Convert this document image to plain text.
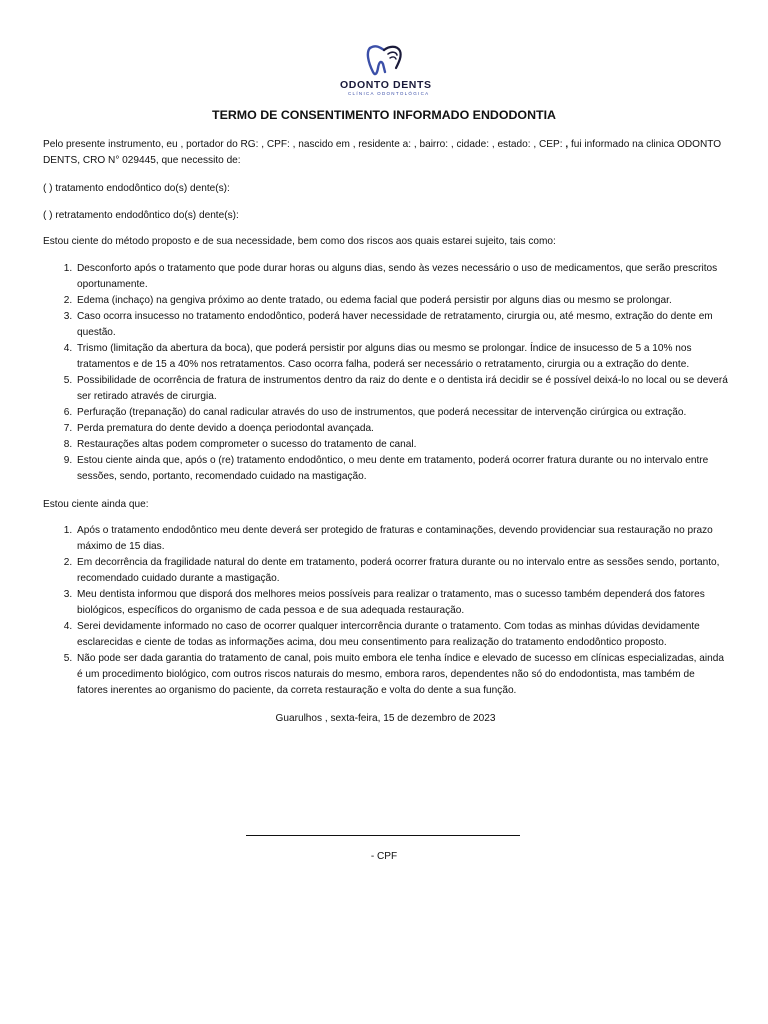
ODONTO DENTS
CLÍNICA ODONTOLÓGICA
TERMO DE CONSENTIMENTO INFORMADO ENDODONTIA

Pelo presente instrumento, eu , portador do RG: , CPF: , nascido em , residente a: , bairro: , cidade: , estado: , CEP: , fui informado na clinica ODONTO DENTS, CRO N° 029445, que necessito de:

( ) tratamento endodôntico do(s) dente(s):

( ) retratamento endodôntico do(s) dente(s):

Estou ciente do método proposto e de sua necessidade, bem como dos riscos aos quais estarei sujeito, tais como:

1. Desconforto após o tratamento que pode durar horas ou alguns dias, sendo às vezes necessário o uso de medicamentos, que serão prescritos oportunamente.
2. Edema (inchaço) na gengiva próximo ao dente tratado, ou edema facial que poderá persistir por alguns dias ou mesmo se prolongar.
3. Caso ocorra insucesso no tratamento endodôntico, poderá haver necessidade de retratamento, cirurgia ou, até mesmo, extração do dente em questão.
4. Trismo (limitação da abertura da boca), que poderá persistir por alguns dias ou mesmo se prolongar. Índice de insucesso de 5 a 10% nos tratamentos e de 15 a 40% nos retratamentos. Caso ocorra falha, poderá ser necessário o retratamento, cirurgia ou a extração do dente.
5. Possibilidade de ocorrência de fratura de instrumentos dentro da raiz do dente e o dentista irá decidir se é possível deixá-lo no local ou se deverá ser retirado através de cirurgia.
6. Perfuração (trepanação) do canal radicular através do uso de instrumentos, que poderá necessitar de intervenção cirúrgica ou extração.
7. Perda prematura do dente devido a doença periodontal avançada.
8. Restaurações altas podem comprometer o sucesso do tratamento de canal.
9. Estou ciente ainda que, após o (re) tratamento endodôntico, o meu dente em tratamento, poderá ocorrer fratura durante ou no intervalo entre sessões, sendo, portanto, recomendado cuidado na mastigação.

Estou ciente ainda que:

1. Após o tratamento endodôntico meu dente deverá ser protegido de fraturas e contaminações, devendo providenciar sua restauração no prazo máximo de 15 dias.
2. Em decorrência da fragilidade natural do dente em tratamento, poderá ocorrer fratura durante ou no intervalo entre as sessões sendo, portanto, recomendado cuidado durante a mastigação.
3. Meu dentista informou que disporá dos melhores meios possíveis para realizar o tratamento, mas o sucesso também dependerá dos fatores biológicos, específicos do organismo de cada pessoa e de sua adequada restauração.
4. Serei devidamente informado no caso de ocorrer qualquer intercorrência durante o tratamento. Com todas as minhas dúvidas devidamente esclarecidas e ciente de todas as informações acima, dou meu consentimento para realização do tratamento endodôntico proposto.
5. Não pode ser dada garantia do tratamento de canal, pois muito embora ele tenha índice e elevado de sucesso em clínicas especializadas, ainda é um procedimento biológico, com outros riscos naturais do mesmo, embora raros, dependentes não só do endodontista, mas também de fatores inerentes ao organismo do paciente, da correta restauração e volta do dente a sua função.

Guarulhos , sexta-feira, 15 de dezembro de 2023

- CPF
